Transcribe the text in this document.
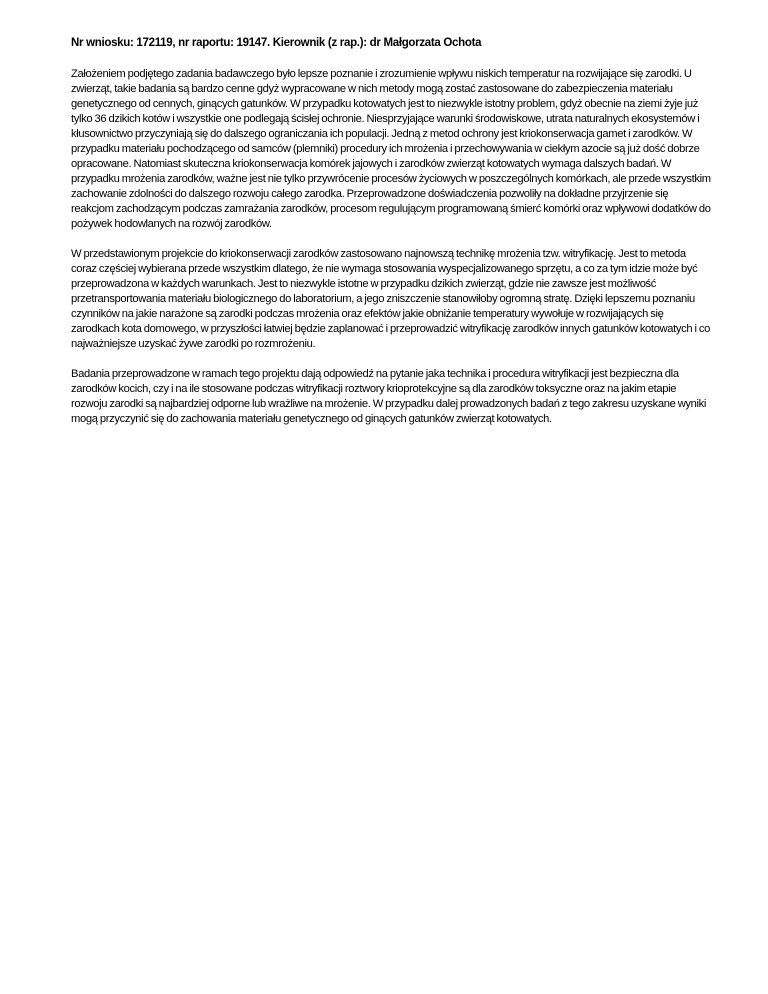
Nr wniosku: 172119, nr raportu: 19147. Kierownik (z rap.): dr Małgorzata Ochota

Założeniem podjętego zadania badawczego było lepsze poznanie i zrozumienie wpływu niskich temperatur na rozwijające się zarodki. U zwierząt, takie badania są bardzo cenne gdyż wypracowane w nich metody mogą zostać zastosowane do zabezpieczenia materiału genetycznego od cennych, ginących gatunków. W przypadku kotowatych jest to niezwykle istotny problem, gdyż obecnie na ziemi żyje już tylko 36 dzikich kotów i wszystkie one podlegają ścisłej ochronie. Niesprzyjające warunki środowiskowe, utrata naturalnych ekosystemów i kłusownictwo przyczyniają się do dalszego ograniczania ich populacji. Jedną z metod ochrony jest kriokonserwacja gamet i zarodków. W przypadku materiału pochodzącego od samców (plemniki) procedury ich mrożenia i przechowywania w ciekłym azocie są już dość dobrze opracowane. Natomiast skuteczna kriokonserwacja komórek jajowych i zarodków zwierząt kotowatych wymaga dalszych badań. W przypadku mrożenia zarodków, ważne jest nie tylko przywrócenie procesów życiowych w poszczególnych komórkach, ale przede wszystkim zachowanie zdolności do dalszego rozwoju całego zarodka. Przeprowadzone doświadczenia pozwoliły na dokładne przyjrzenie się reakcjom zachodzącym podczas zamrażania zarodków, procesom regulującym programowaną śmierć komórki oraz wpływowi dodatków do pożywek hodowlanych na rozwój zarodków.

W przedstawionym projekcie do kriokonserwacji zarodków zastosowano najnowszą technikę mrożenia tzw. witryfikację. Jest to metoda coraz częściej wybierana przede wszystkim dlatego, że nie wymaga stosowania wyspecjalizowanego sprzętu, a co za tym idzie może być przeprowadzona w każdych warunkach. Jest to niezwykle istotne w przypadku dzikich zwierząt, gdzie nie zawsze jest możliwość przetransportowania materiału biologicznego do laboratorium, a jego zniszczenie stanowiłoby ogromną stratę. Dzięki lepszemu poznaniu czynników na jakie narażone są zarodki podczas mrożenia oraz efektów jakie obniżanie temperatury wywołuje w rozwijających się zarodkach kota domowego, w przyszłości łatwiej będzie zaplanować i przeprowadzić witryfikację zarodków innych gatunków kotowatych i co najważniejsze uzyskać żywe zarodki po rozmrożeniu.

Badania przeprowadzone w ramach tego projektu dają odpowiedź na pytanie jaka technika i procedura witryfikacji jest bezpieczna dla zarodków kocich, czy i na ile stosowane podczas witryfikacji roztwory krioprotekcyjne są dla zarodków toksyczne oraz na jakim etapie rozwoju zarodki są najbardziej odporne lub wrażliwe na mrożenie. W przypadku dalej prowadzonych badań z tego zakresu uzyskane wyniki mogą przyczynić się do zachowania materiału genetycznego od ginących gatunków zwierząt kotowatych.
